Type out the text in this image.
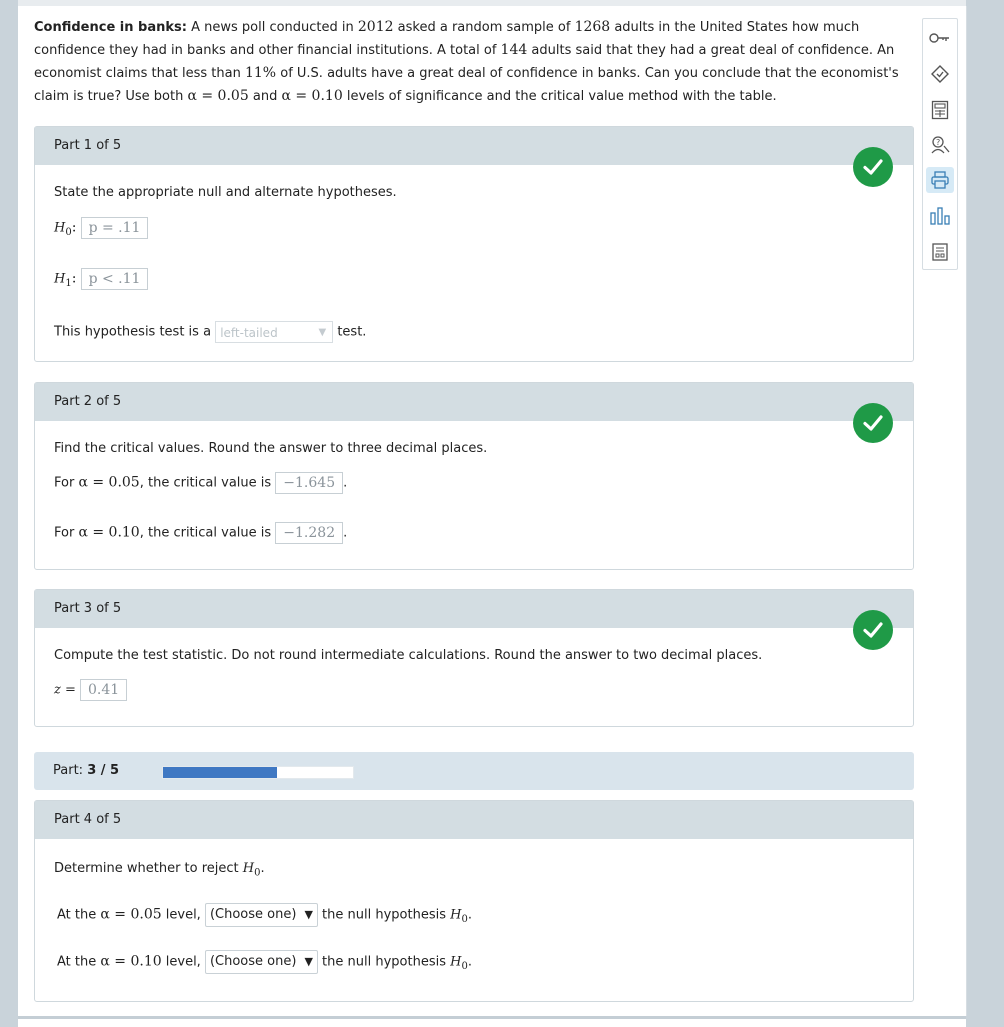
Confidence in banks: A news poll conducted in 2012 asked a random sample of 1268 adults in the United States how much confidence they had in banks and other financial institutions. A total of 144 adults said that they had a great deal of confidence. An economist claims that less than 11% of U.S. adults have a great deal of confidence in banks. Can you conclude that the economist's claim is true? Use both α = 0.05 and α = 0.10 levels of significance and the critical value method with the table.
Part 1 of 5
State the appropriate null and alternate hypotheses.
$H_0$: p = .11
$H_1$: p < .11
This hypothesis test is a left-tailed	▼ test.
Part 2 of 5
Find the critical values. Round the answer to three decimal places.
For α = 0.05, the critical value is −1.645 .
For α = 0.10, the critical value is −1.282 .
Part 3 of 5
Compute the test statistic. Do not round intermediate calculations. Round the answer to two decimal places.
z = 0.41
Part: 3 / 5
Part 4 of 5
Determine whether to reject $H_0$.
At the α = 0.05 level, (Choose one) ▼ the null hypothesis $H_0$.
At the α = 0.10 level, (Choose one) ▼ the null hypothesis $H_0$.
?
